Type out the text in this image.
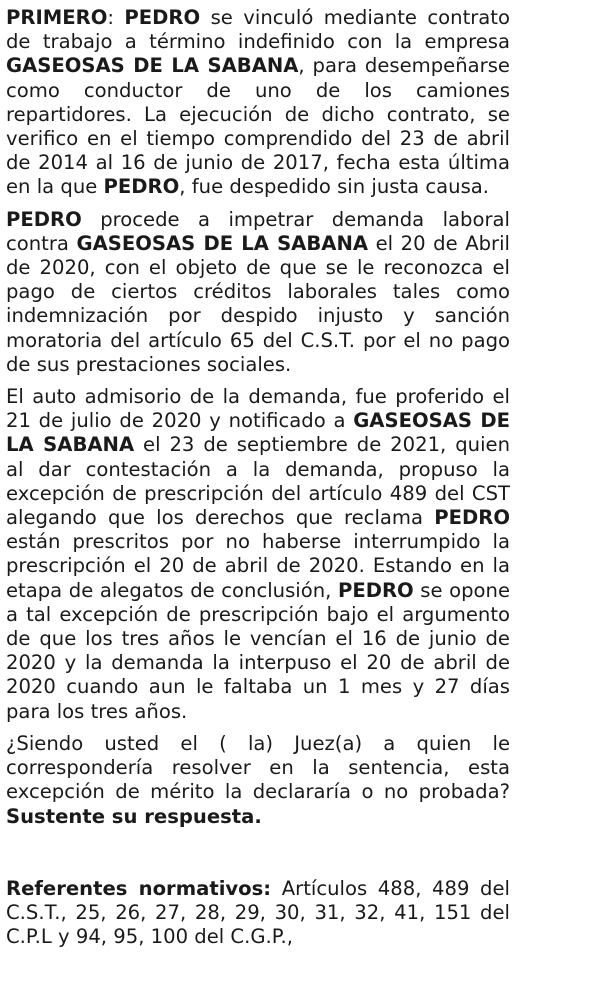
PRIMERO: PEDRO se vinculó mediante contrato de trabajo a término indefinido con la empresa GASEOSAS DE LA SABANA, para desempeñarse como conductor de uno de los camiones repartidores. La ejecución de dicho contrato, se verifico en el tiempo comprendido del 23 de abril de 2014 al 16 de junio de 2017, fecha esta última en la que PEDRO, fue despedido sin justa causa.

PEDRO procede a impetrar demanda laboral contra GASEOSAS DE LA SABANA el 20 de Abril de 2020, con el objeto de que se le reconozca el pago de ciertos créditos laborales tales como indemnización por despido injusto y sanción moratoria del artículo 65 del C.S.T. por el no pago de sus prestaciones sociales.

El auto admisorio de la demanda, fue proferido el 21 de julio de 2020 y notificado a GASEOSAS DE LA SABANA el 23 de septiembre de 2021, quien al dar contestación a la demanda, propuso la excepción de prescripción del artículo 489 del CST alegando que los derechos que reclama PEDRO están prescritos por no haberse interrumpido la prescripción el 20 de abril de 2020. Estando en la etapa de alegatos de conclusión, PEDRO se opone a tal excepción de prescripción bajo el argumento de que los tres años le vencían el 16 de junio de 2020 y la demanda la interpuso el 20 de abril de 2020 cuando aun le faltaba un 1 mes y 27 días para los tres años.

¿Siendo usted el ( la) Juez(a) a quien le correspondería resolver en la sentencia, esta excepción de mérito la declararía o no probada? Sustente su respuesta.

Referentes normativos: Artículos 488, 489 del C.S.T., 25, 26, 27, 28, 29, 30, 31, 32, 41, 151 del C.P.L y 94, 95, 100 del C.G.P.,
